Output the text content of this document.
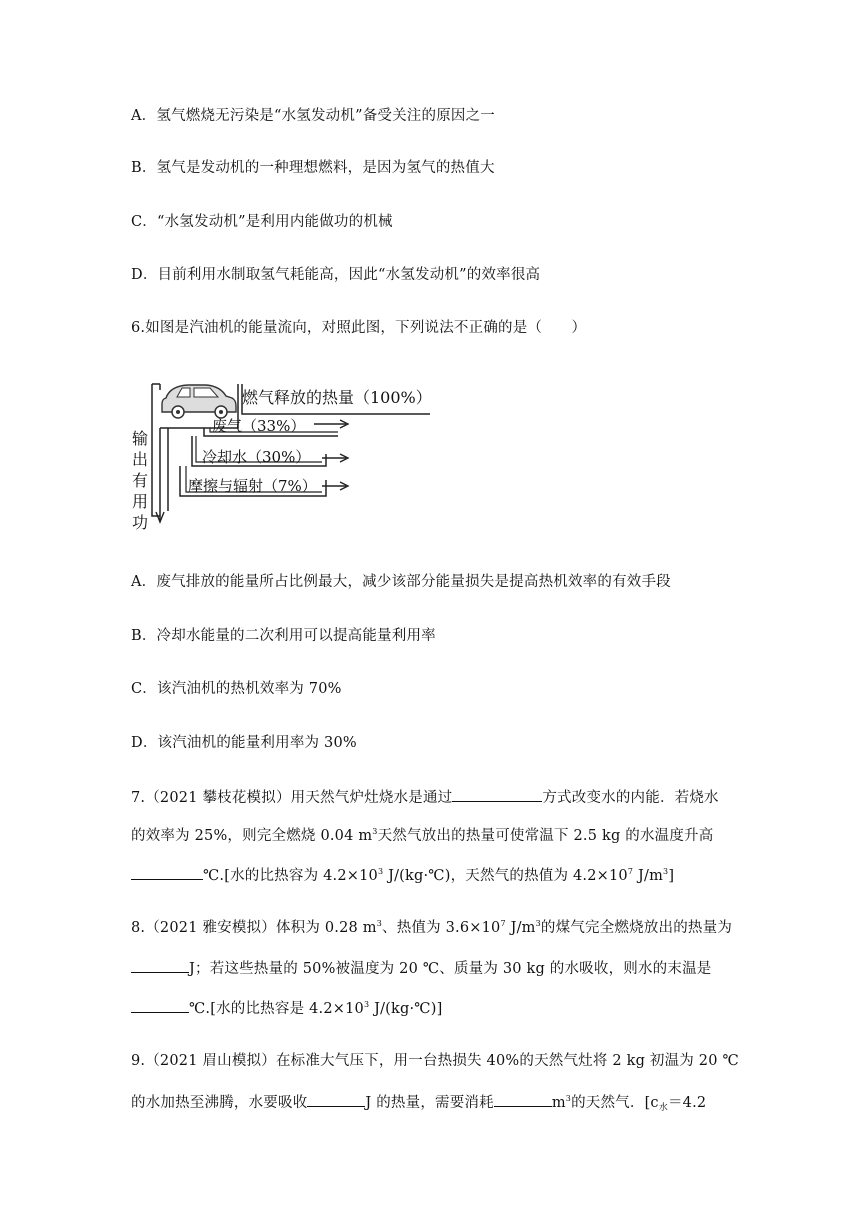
A．氢气燃烧无污染是“水氢发动机”备受关注的原因之一
B．氢气是发动机的一种理想燃料，是因为氢气的热值大
C．“水氢发动机”是利用内能做功的机械
D．目前利用水制取氢气耗能高，因此“水氢发动机”的效率很高
6.如图是汽油机的能量流向，对照此图，下列说法不正确的是（　　）
燃气释放的热量（100%）
废气（33%）
冷却水（30%）
摩擦与辐射（7%）
输
出
有
用
功
A．废气排放的能量所占比例最大，减少该部分能量损失是提高热机效率的有效手段
B．冷却水能量的二次利用可以提高能量利用率
C．该汽油机的热机效率为 70%
D．该汽油机的能量利用率为 30%
7.（2021 攀枝花模拟）用天然气炉灶烧水是通过	方式改变水的内能．若烧水
的效率为 25%，则完全燃烧 0.04 $m^3$天然气放出的热量可使常温下 2.5 kg 的水温度升高
℃.[水的比热容为 $4.2\times 10^3$ J/(kg·℃)，天然气的热值为 $4.2\times 10^7$ $J/m^3$]
8.（2021 雅安模拟）体积为 0.28 $m^3$、热值为 $3.6\times 10^7$ $J/m^3$的煤气完全燃烧放出的热量为
J；若这些热量的 50%被温度为 20 ℃、质量为 30 kg 的水吸收，则水的末温是
℃.[水的比热容是 $4.2\times 10^3$ J/(kg·℃)]
9.（2021 眉山模拟）在标准大气压下，用一台热损失 40%的天然气灶将 2 kg 初温为 20 ℃
的水加热至沸腾，水要吸收	J 的热量，需要消耗	$m^3$的天然气．[$c_水=4.2$
